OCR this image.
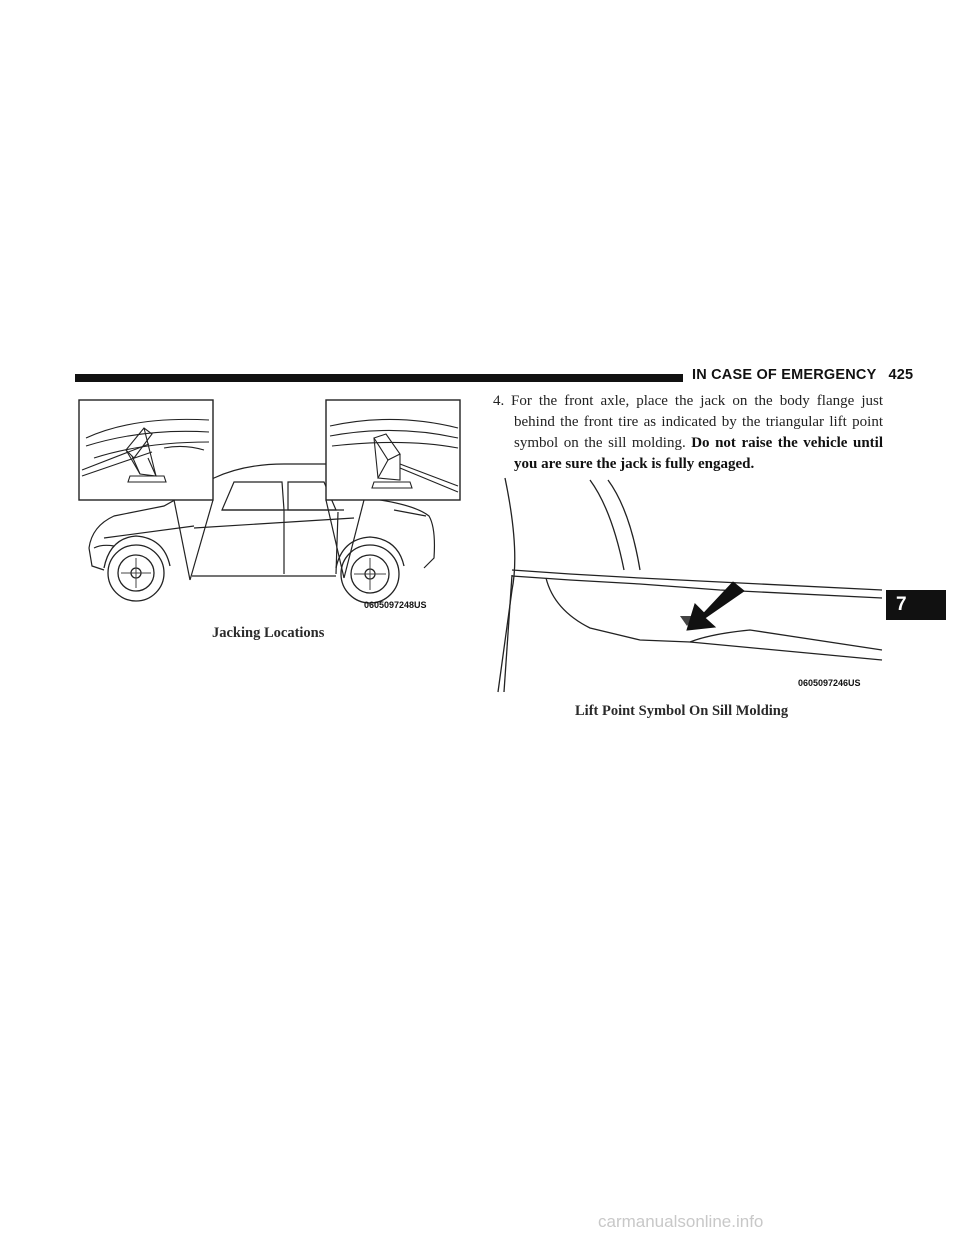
IN CASE OF EMERGENCY 425
0605097248US
Jacking Locations
4. For the front axle, place the jack on the body flange just behind the front tire as indicated by the triangular lift point symbol on the sill molding. Do not raise the vehicle until you are sure the jack is fully engaged.
0605097246US
Lift Point Symbol On Sill Molding
7
carmanualsonline.info
